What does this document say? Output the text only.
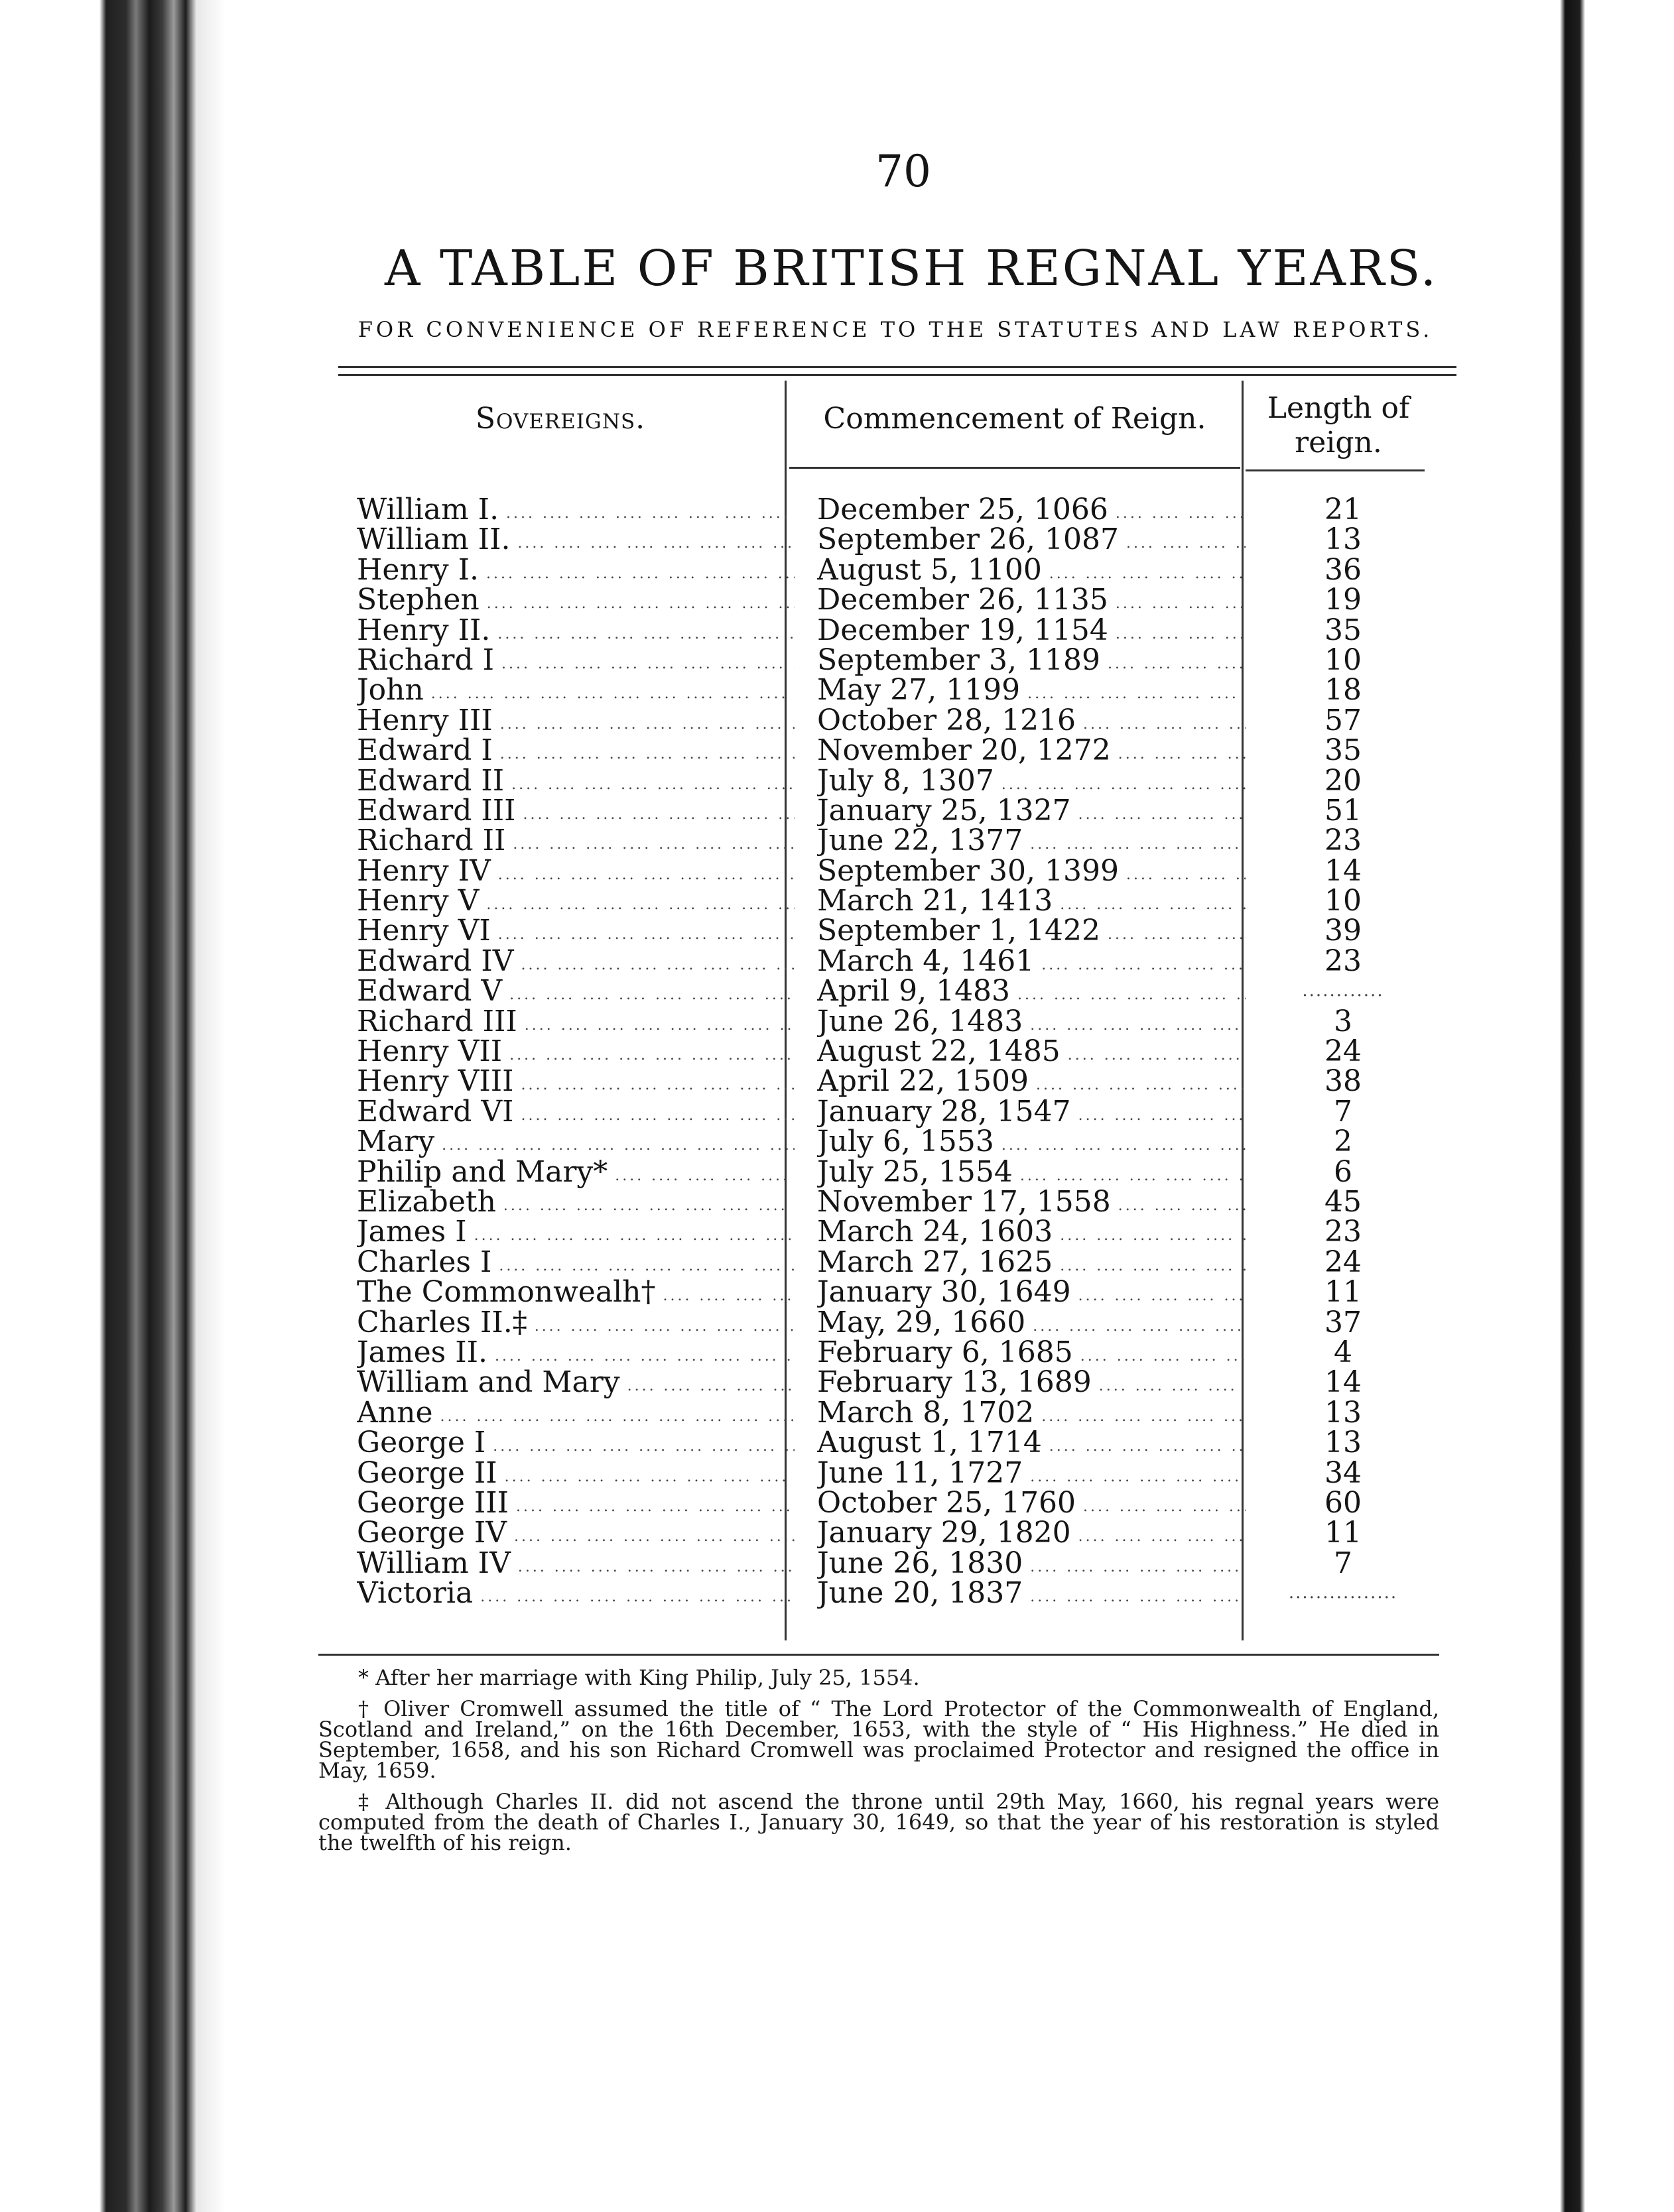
70
A TABLE OF BRITISH REGNAL YEARS.
FOR CONVENIENCE OF REFERENCE TO THE STATUTES AND LAW REPORTS.
Sovereigns.	Commencement of Reign.	Length of
reign.
William I. ....	December 25, 1066 ....	21
William II. ....	September 26, 1087 ....	13
Henry I. ....	August 5, 1100 ....	36
Stephen ....	December 26, 1135 ....	19
Henry II. ....	December 19, 1154 ....	35
Richard I ....	September 3, 1189 ....	10
John ....	May 27, 1199 ....	18
Henry III ....	October 28, 1216 ....	57
Edward I ....	November 20, 1272 ....	35
Edward II ....	July 8, 1307 ....	20
Edward III ....	January 25, 1327 ....	51
Richard II ....	June 22, 1377 ....	23
Henry IV ....	September 30, 1399 ....	14
Henry V ....	March 21, 1413 ....	10
Henry VI ....	September 1, 1422 ....	39
Edward IV ....	March 4, 1461 ....	23
Edward V ....	April 9, 1483 ....	............
Richard III ....	June 26, 1483 ....	3
Henry VII ....	August 22, 1485 ....	24
Henry VIII ....	April 22, 1509 ....	38
Edward VI ....	January 28, 1547 ....	7
Mary ....	July 6, 1553 ....	2
Philip and Mary* ....	July 25, 1554 ....	6
Elizabeth ....	November 17, 1558 ....	45
James I ....	March 24, 1603 ....	23
Charles I ....	March 27, 1625 ....	24
The Commonwealh† ....	January 30, 1649 ....	11
Charles II.‡ ....	May, 29, 1660 ....	37
James II. ....	February 6, 1685 ....	4
William and Mary ....	February 13, 1689 ....	14
Anne ....	March 8, 1702 ....	13
George I ....	August 1, 1714 ....	13
George II ....	June 11, 1727 ....	34
George III ....	October 25, 1760 ....	60
George IV ....	January 29, 1820 ....	11
William IV ....	June 26, 1830 ....	7
Victoria ....	June 20, 1837 ....	................

* After her marriage with King Philip, July 25, 1554.

† Oliver Cromwell assumed the title of “ The Lord Protector of the Commonwealth of England, Scotland and Ireland,” on the 16th December, 1653, with the style of “ His Highness.” He died in September, 1658, and his son Richard Cromwell was proclaimed Protector and resigned the office in May, 1659.

‡ Although Charles II. did not ascend the throne until 29th May, 1660, his regnal years were computed from the death of Charles I., January 30, 1649, so that the year of his restoration is styled the twelfth of his reign.
